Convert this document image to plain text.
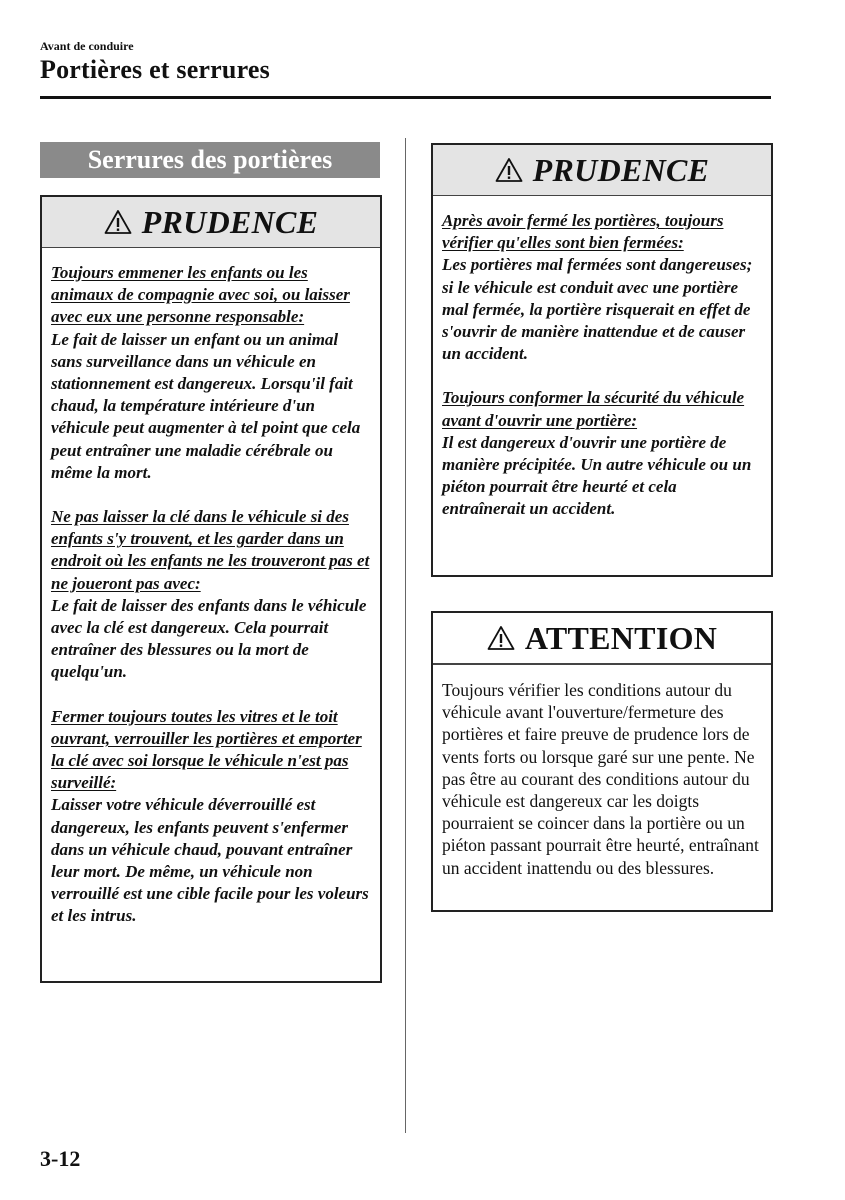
Avant de conduire
Portières et serrures
Serrures des portières
PRUDENCE
Toujours emmener les enfants ou les animaux de compagnie avec soi, ou laisser avec eux une personne responsable:
Le fait de laisser un enfant ou un animal sans surveillance dans un véhicule en stationnement est dangereux. Lorsqu'il fait chaud, la température intérieure d'un véhicule peut augmenter à tel point que cela peut entraîner une maladie cérébrale ou même la mort.
Ne pas laisser la clé dans le véhicule si des enfants s'y trouvent, et les garder dans un endroit où les enfants ne les trouveront pas et ne joueront pas avec:
Le fait de laisser des enfants dans le véhicule avec la clé est dangereux. Cela pourrait entraîner des blessures ou la mort de quelqu'un.
Fermer toujours toutes les vitres et le toit ouvrant, verrouiller les portières et emporter la clé avec soi lorsque le véhicule n'est pas surveillé:
Laisser votre véhicule déverrouillé est dangereux, les enfants peuvent s'enfermer dans un véhicule chaud, pouvant entraîner leur mort. De même, un véhicule non verrouillé est une cible facile pour les voleurs et les intrus.
PRUDENCE
Après avoir fermé les portières, toujours vérifier qu'elles sont bien fermées:
Les portières mal fermées sont dangereuses; si le véhicule est conduit avec une portière mal fermée, la portière risquerait en effet de s'ouvrir de manière inattendue et de causer un accident.
Toujours conformer la sécurité du véhicule avant d'ouvrir une portière:
Il est dangereux d'ouvrir une portière de manière précipitée. Un autre véhicule ou un piéton pourrait être heurté et cela entraînerait un accident.
ATTENTION
Toujours vérifier les conditions autour du véhicule avant l'ouverture/fermeture des portières et faire preuve de prudence lors de vents forts ou lorsque garé sur une pente. Ne pas être au courant des conditions autour du véhicule est dangereux car les doigts pourraient se coincer dans la portière ou un piéton passant pourrait être heurté, entraînant un accident inattendu ou des blessures.
3-12
